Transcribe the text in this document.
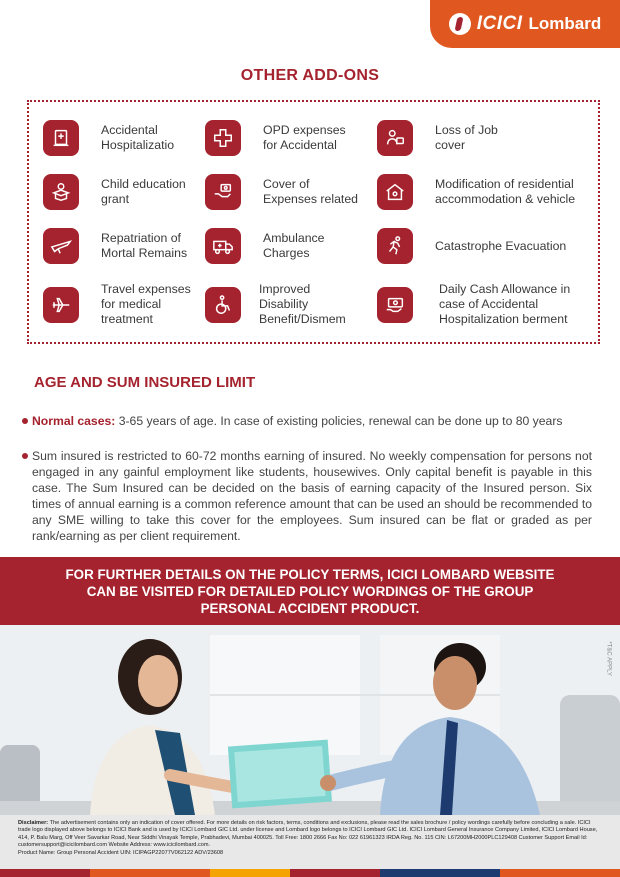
ICICI Lombard
OTHER ADD-ONS
Accidental
Hospitalizatio
OPD expenses
for Accidental
Loss of Job
cover
Child education
grant
Cover of
Expenses related
Modification of residential
accommodation & vehicle
Repatriation of
Mortal Remains
Ambulance
Charges
Catastrophe Evacuation
Travel expenses
for medical
treatment
Improved
Disability
Benefit/Dismem
Daily Cash Allowance in
case of Accidental
Hospitalization berment
AGE AND SUM INSURED LIMIT
Normal cases: 3-65 years of age. In case of existing policies, renewal can be done up to 80 years
Sum insured is restricted to 60-72 months earning of insured. No weekly compensation for persons not engaged in any gainful employment like students, housewives. Only capital benefit is payable in this case. The Sum Insured can be decided on the basis of earning capacity of the Insured person. Six times of annual earning is a common reference amount that can be used an should be recommended to any SME willing to take this cover for the employees. Sum insured can be flat or graded as per rank/earning as per client requirement.
FOR FURTHER DETAILS ON THE POLICY TERMS, ICICI LOMBARD WEBSITE
CAN BE VISITED FOR DETAILED POLICY WORDINGS OF THE GROUP
PERSONAL ACCIDENT PRODUCT.
*T&C APPLY
Disclaimer: The advertisement contains only an indication of cover offered. For more details on risk factors, terms, conditions and exclusions, please read the sales brochure / policy wordings carefully before concluding a sale. ICICI trade logo displayed above belongs to ICICI Bank and is used by ICICI Lombard GIC Ltd. under license and Lombard logo belongs to ICICI Lombard GIC Ltd. ICICI Lombard General Insurance Company Limited, ICICI Lombard House, 414, P. Balu Marg, Off Veer Savarkar Road, Near Siddhi Vinayak Temple, Prabhadevi, Mumbai 400025. Toll Free: 1800 2666 Fax No: 022 61961323 IRDA Reg. No. 115 CIN: L67200MH2000PLC129408 Customer Support Email Id: customersupport@icicilombard.com Website Address: www.icicilombard.com.
Product Name: Group Personal Accident UIN: ICIPAGP22077V062122 ADV/23608
